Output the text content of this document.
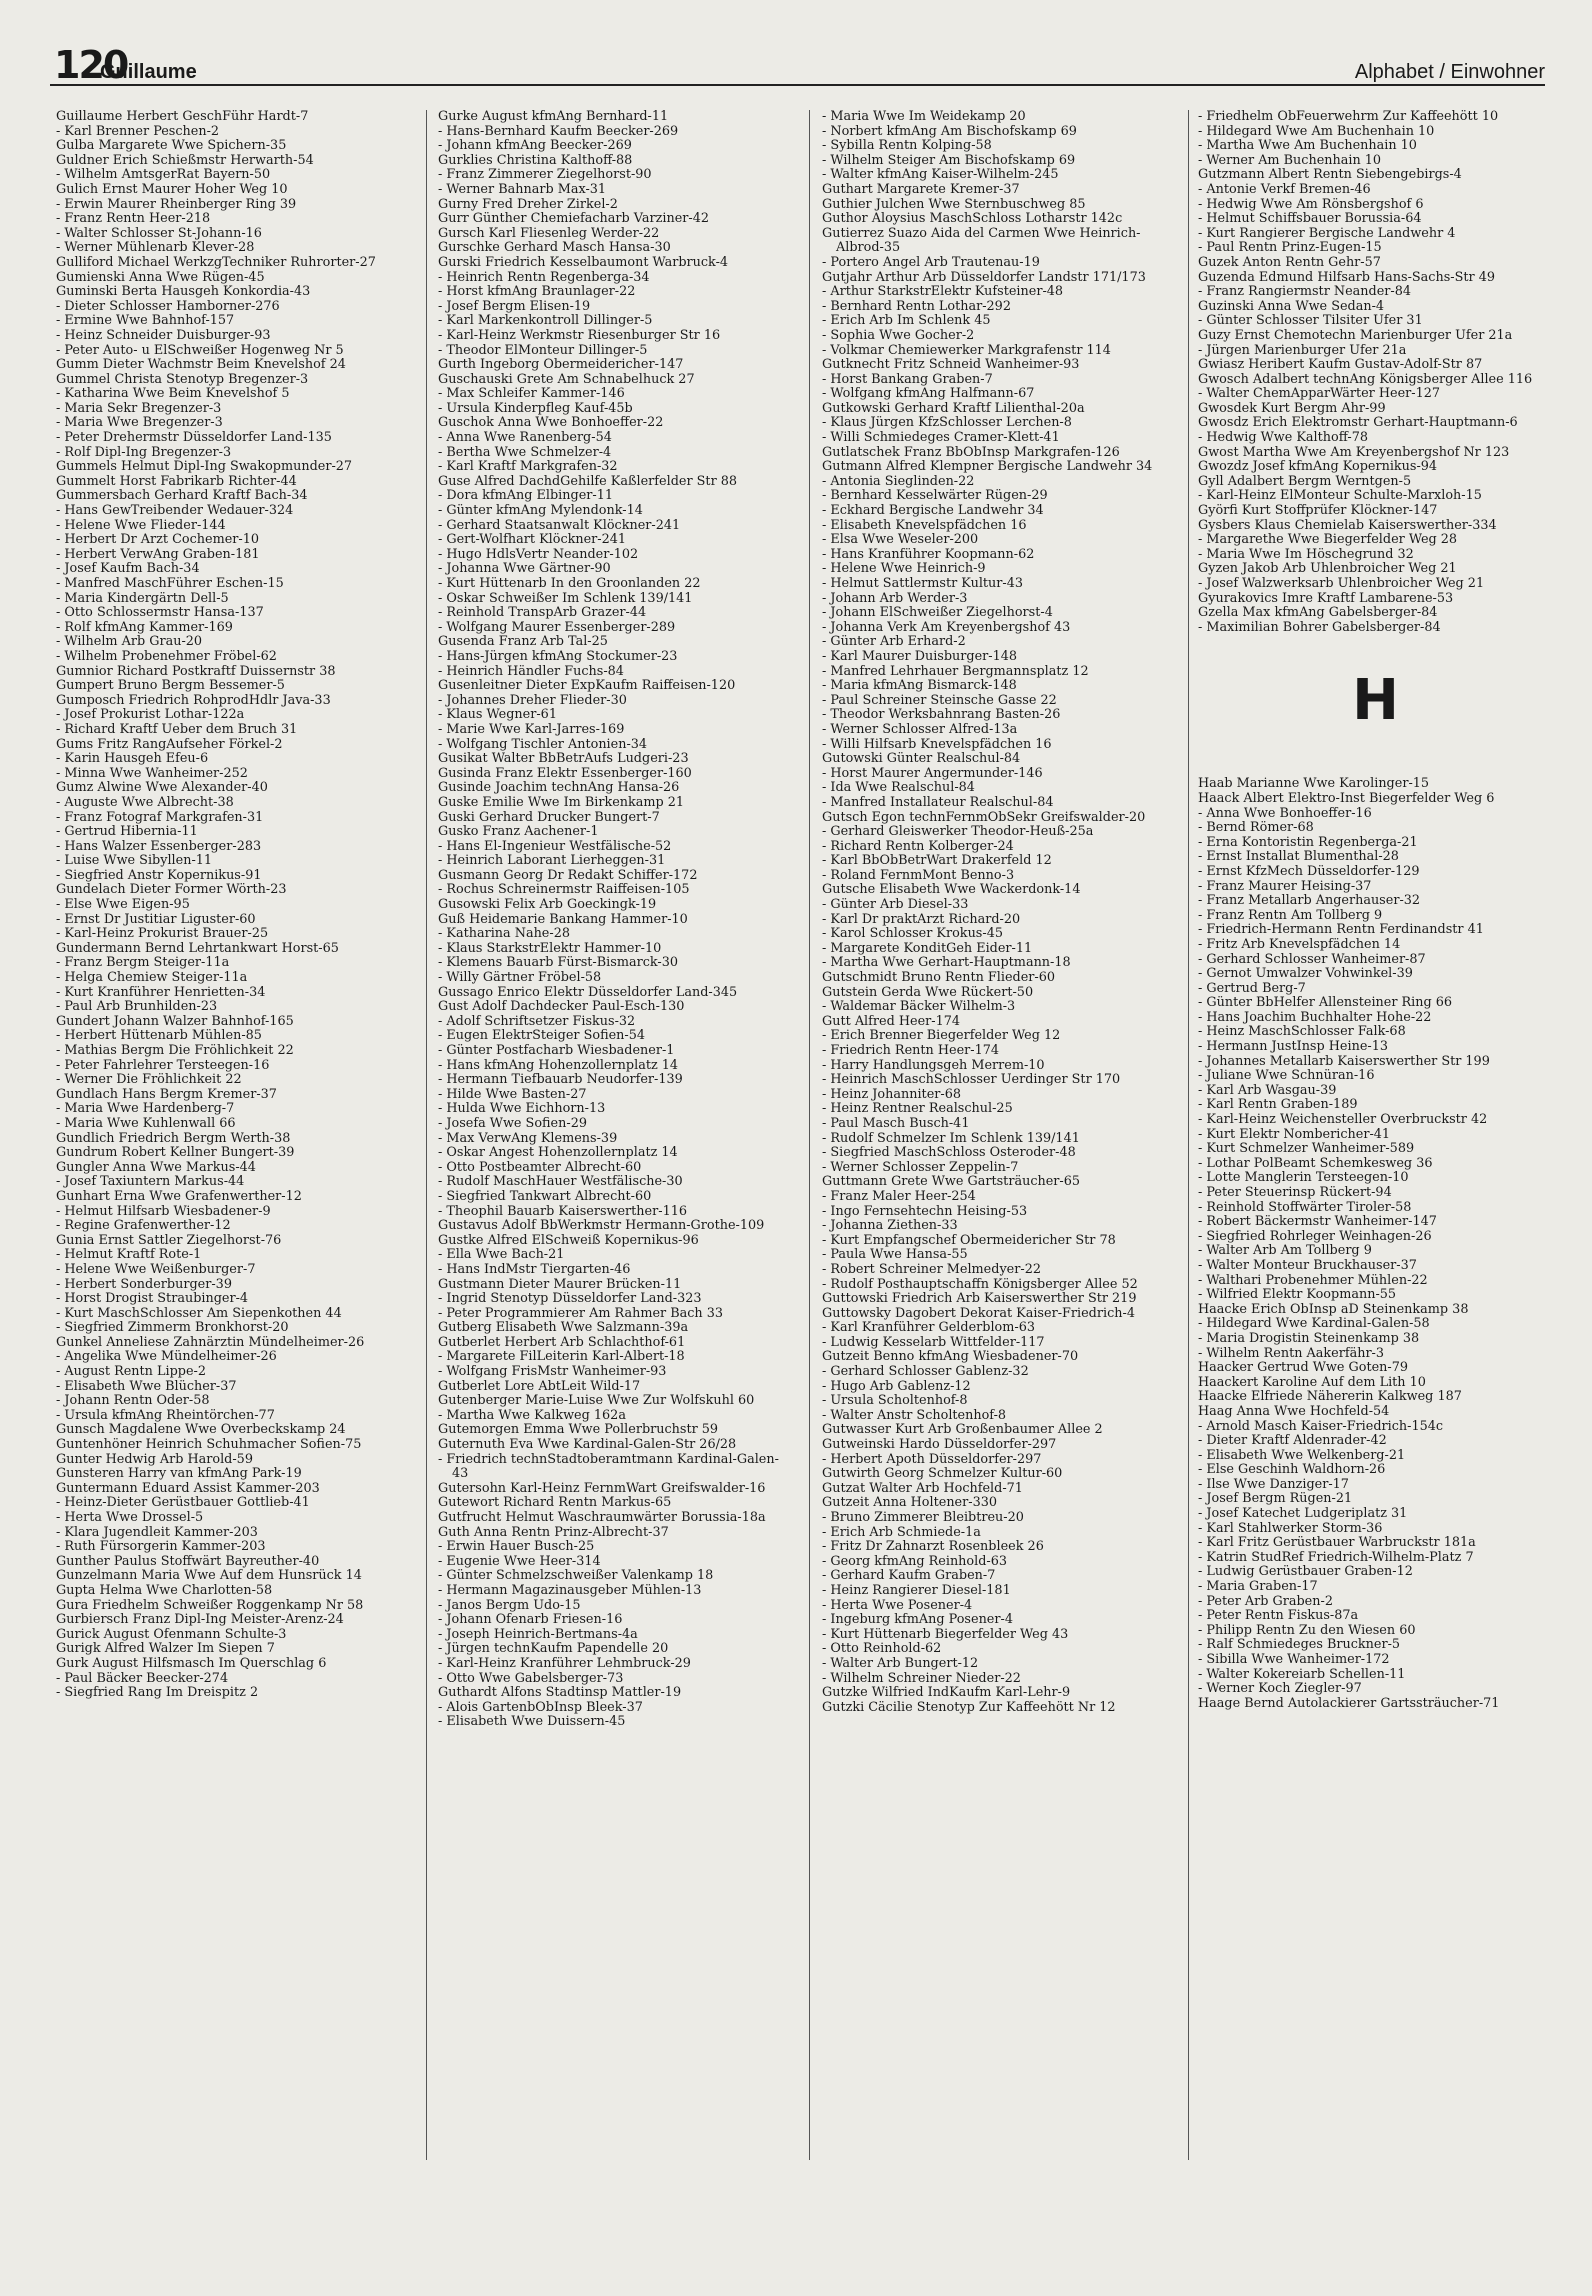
120
Guillaume	Alphabet / Einwohner

Guillaume Herbert GeschFühr Hardt-7

- Karl Brenner Peschen-2

Gulba Margarete Wwe Spichern-35

Guldner Erich Schießmstr Herwarth-54

- Wilhelm AmtsgerRat Bayern-50

Gulich Ernst Maurer Hoher Weg 10

- Erwin Maurer Rheinberger Ring 39

- Franz Rentn Heer-218

- Walter Schlosser St-Johann-16

- Werner Mühlenarb Klever-28

Gulliford Michael WerkzgTechniker Ruhrorter-27

Gumienski Anna Wwe Rügen-45

Guminski Berta Hausgeh Konkordia-43

- Dieter Schlosser Hamborner-276

- Ermine Wwe Bahnhof-157

- Heinz Schneider Duisburger-93

- Peter Auto- u ElSchweißer Hogenweg Nr 5

Gumm Dieter Wachmstr Beim Knevelshof 24

Gummel Christa Stenotyp Bregenzer-3

- Katharina Wwe Beim Knevelshof 5

- Maria Sekr Bregenzer-3

- Maria Wwe Bregenzer-3

- Peter Drehermstr Düsseldorfer Land-135

- Rolf Dipl-Ing Bregenzer-3

Gummels Helmut Dipl-Ing Swakopmunder-27

Gummelt Horst Fabrikarb Richter-44

Gummersbach Gerhard Kraftf Bach-34

- Hans GewTreibender Wedauer-324

- Helene Wwe Flieder-144

- Herbert Dr Arzt Cochemer-10

- Herbert VerwAng Graben-181

- Josef Kaufm Bach-34

- Manfred MaschFührer Eschen-15

- Maria Kindergärtn Dell-5

- Otto Schlossermstr Hansa-137

- Rolf kfmAng Kammer-169

- Wilhelm Arb Grau-20

- Wilhelm Probenehmer Fröbel-62

Gumnior Richard Postkraftf Duissernstr 38

Gumpert Bruno Bergm Bessemer-5

Gumposch Friedrich RohprodHdlr Java-33

- Josef Prokurist Lothar-122a

- Richard Kraftf Ueber dem Bruch 31

Gums Fritz RangAufseher Förkel-2

- Karin Hausgeh Efeu-6

- Minna Wwe Wanheimer-252

Gumz Alwine Wwe Alexander-40

- Auguste Wwe Albrecht-38

- Franz Fotograf Markgrafen-31

- Gertrud Hibernia-11

- Hans Walzer Essenberger-283

- Luise Wwe Sibyllen-11

- Siegfried Anstr Kopernikus-91

Gundelach Dieter Former Wörth-23

- Else Wwe Eigen-95

- Ernst Dr Justitiar Liguster-60

- Karl-Heinz Prokurist Brauer-25

Gundermann Bernd Lehrtankwart Horst-65

- Franz Bergm Steiger-11a

- Helga Chemiew Steiger-11a

- Kurt Kranführer Henrietten-34

- Paul Arb Brunhilden-23

Gundert Johann Walzer Bahnhof-165

- Herbert Hüttenarb Mühlen-85

- Mathias Bergm Die Fröhlichkeit 22

- Peter Fahrlehrer Tersteegen-16

- Werner Die Fröhlichkeit 22

Gundlach Hans Bergm Kremer-37

- Maria Wwe Hardenberg-7

- Maria Wwe Kuhlenwall 66

Gundlich Friedrich Bergm Werth-38

Gundrum Robert Kellner Bungert-39

Gungler Anna Wwe Markus-44

- Josef Taxiuntern Markus-44

Gunhart Erna Wwe Grafenwerther-12

- Helmut Hilfsarb Wiesbadener-9

- Regine Grafenwerther-12

Gunia Ernst Sattler Ziegelhorst-76

- Helmut Kraftf Rote-1

- Helene Wwe Weißenburger-7

- Herbert Sonderburger-39

- Horst Drogist Straubinger-4

- Kurt MaschSchlosser Am Siepenkothen 44

- Siegfried Zimmerm Bronkhorst-20

Gunkel Anneliese Zahnärztin Mündelheimer-26

- Angelika Wwe Mündelheimer-26

- August Rentn Lippe-2

- Elisabeth Wwe Blücher-37

- Johann Rentn Oder-58

- Ursula kfmAng Rheintörchen-77

Gunsch Magdalene Wwe Overbeckskamp 24

Guntenhöner Heinrich Schuhmacher Sofien-75

Gunter Hedwig Arb Harold-59

Gunsteren Harry van kfmAng Park-19

Guntermann Eduard Assist Kammer-203

- Heinz-Dieter Gerüstbauer Gottlieb-41

- Herta Wwe Drossel-5

- Klara Jugendleit Kammer-203

- Ruth Fürsorgerin Kammer-203

Gunther Paulus Stoffwärt Bayreuther-40

Gunzelmann Maria Wwe Auf dem Hunsrück 14

Gupta Helma Wwe Charlotten-58

Gura Friedhelm Schweißer Roggenkamp Nr 58

Gurbiersch Franz Dipl-Ing Meister-Arenz-24

Gurick August Ofenmann Schulte-3

Gurigk Alfred Walzer Im Siepen 7

Gurk August Hilfsmasch Im Querschlag 6

- Paul Bäcker Beecker-274

- Siegfried Rang Im Dreispitz 2

Gurke August kfmAng Bernhard-11

- Hans-Bernhard Kaufm Beecker-269

- Johann kfmAng Beecker-269

Gurklies Christina Kalthoff-88

- Franz Zimmerer Ziegelhorst-90

- Werner Bahnarb Max-31

Gurny Fred Dreher Zirkel-2

Gurr Günther Chemiefacharb Varziner-42

Gursch Karl Fliesenleg Werder-22

Gurschke Gerhard Masch Hansa-30

Gurski Friedrich Kesselbaumont Warbruck-4

- Heinrich Rentn Regenberga-34

- Horst kfmAng Braunlager-22

- Josef Bergm Elisen-19

- Karl Markenkontroll Dillinger-5

- Karl-Heinz Werkmstr Riesenburger Str 16

- Theodor ElMonteur Dillinger-5

Gurth Ingeborg Obermeidericher-147

Guschauski Grete Am Schnabelhuck 27

- Max Schleifer Kammer-146

- Ursula Kinderpfleg Kauf-45b

Guschok Anna Wwe Bonhoeffer-22

- Anna Wwe Ranenberg-54

- Bertha Wwe Schmelzer-4

- Karl Kraftf Markgrafen-32

Guse Alfred DachdGehilfe Kaßlerfelder Str 88

- Dora kfmAng Elbinger-11

- Günter kfmAng Mylendonk-14

- Gerhard Staatsanwalt Klöckner-241

- Gert-Wolfhart Klöckner-241

- Hugo HdlsVertr Neander-102

- Johanna Wwe Gärtner-90

- Kurt Hüttenarb In den Groonlanden 22

- Oskar Schweißer Im Schlenk 139/141

- Reinhold TranspArb Grazer-44

- Wolfgang Maurer Essenberger-289

Gusenda Franz Arb Tal-25

- Hans-Jürgen kfmAng Stockumer-23

- Heinrich Händler Fuchs-84

Gusenleitner Dieter ExpKaufm Raiffeisen-120

- Johannes Dreher Flieder-30

- Klaus Wegner-61

- Marie Wwe Karl-Jarres-169

- Wolfgang Tischler Antonien-34

Gusikat Walter BbBetrAufs Ludgeri-23

Gusinda Franz Elektr Essenberger-160

Gusinde Joachim technAng Hansa-26

Guske Emilie Wwe Im Birkenkamp 21

Guski Gerhard Drucker Bungert-7

Gusko Franz Aachener-1

- Hans El-Ingenieur Westfälische-52

- Heinrich Laborant Lierheggen-31

Gusmann Georg Dr Redakt Schiffer-172

- Rochus Schreinermstr Raiffeisen-105

Gusowski Felix Arb Goeckingk-19

Guß Heidemarie Bankang Hammer-10

- Katharina Nahe-28

- Klaus StarkstrElektr Hammer-10

- Klemens Bauarb Fürst-Bismarck-30

- Willy Gärtner Fröbel-58

Gussago Enrico Elektr Düsseldorfer Land-345

Gust Adolf Dachdecker Paul-Esch-130

- Adolf Schriftsetzer Fiskus-32

- Eugen ElektrSteiger Sofien-54

- Günter Postfacharb Wiesbadener-1

- Hans kfmAng Hohenzollernplatz 14

- Hermann Tiefbauarb Neudorfer-139

- Hilde Wwe Basten-27

- Hulda Wwe Eichhorn-13

- Josefa Wwe Sofien-29

- Max VerwAng Klemens-39

- Oskar Angest Hohenzollernplatz 14

- Otto Postbeamter Albrecht-60

- Rudolf MaschHauer Westfälische-30

- Siegfried Tankwart Albrecht-60

- Theophil Bauarb Kaiserswerther-116

Gustavus Adolf BbWerkmstr Hermann-Grothe-109

Gustke Alfred ElSchweiß Kopernikus-96

- Ella Wwe Bach-21

- Hans IndMstr Tiergarten-46

Gustmann Dieter Maurer Brücken-11

- Ingrid Stenotyp Düsseldorfer Land-323

- Peter Programmierer Am Rahmer Bach 33

Gutberg Elisabeth Wwe Salzmann-39a

Gutberlet Herbert Arb Schlachthof-61

- Margarete FilLeiterin Karl-Albert-18

- Wolfgang FrisMstr Wanheimer-93

Gutberlet Lore AbtLeit Wild-17

Gutenberger Marie-Luise Wwe Zur Wolfskuhl 60

- Martha Wwe Kalkweg 162a

Gutemorgen Emma Wwe Pollerbruchstr 59

Guternuth Eva Wwe Kardinal-Galen-Str 26/28

- Friedrich technStadtoberamtmann Kardinal-Galen-43

Gutersohn Karl-Heinz FernmWart Greifswalder-16

Gutewort Richard Rentn Markus-65

Gutfrucht Helmut Waschraumwärter Borussia-18a

Guth Anna Rentn Prinz-Albrecht-37

- Erwin Hauer Busch-25

- Eugenie Wwe Heer-314

- Günter Schmelzschweißer Valenkamp 18

- Hermann Magazinausgeber Mühlen-13

- Janos Bergm Udo-15

- Johann Ofenarb Friesen-16

- Joseph Heinrich-Bertmans-4a

- Jürgen technKaufm Papendelle 20

- Karl-Heinz Kranführer Lehmbruck-29

- Otto Wwe Gabelsberger-73

Guthardt Alfons Stadtinsp Mattler-19

- Alois GartenbObInsp Bleek-37

- Elisabeth Wwe Duissern-45

- Maria Wwe Im Weidekamp 20

- Norbert kfmAng Am Bischofskamp 69

- Sybilla Rentn Kolping-58

- Wilhelm Steiger Am Bischofskamp 69

- Walter kfmAng Kaiser-Wilhelm-245

Guthart Margarete Kremer-37

Guthier Julchen Wwe Sternbuschweg 85

Guthor Aloysius MaschSchloss Lotharstr 142c

Gutierrez Suazo Aida del Carmen Wwe Heinrich-Albrod-35

- Portero Angel Arb Trautenau-19

Gutjahr Arthur Arb Düsseldorfer Landstr 171/173

- Arthur StarkstrElektr Kufsteiner-48

- Bernhard Rentn Lothar-292

- Erich Arb Im Schlenk 45

- Sophia Wwe Gocher-2

- Volkmar Chemiewerker Markgrafenstr 114

Gutknecht Fritz Schneid Wanheimer-93

- Horst Bankang Graben-7

- Wolfgang kfmAng Halfmann-67

Gutkowski Gerhard Kraftf Lilienthal-20a

- Klaus Jürgen KfzSchlosser Lerchen-8

- Willi Schmiedeges Cramer-Klett-41

Gutlatschek Franz BbObInsp Markgrafen-126

Gutmann Alfred Klempner Bergische Landwehr 34

- Antonia Sieglinden-22

- Bernhard Kesselwärter Rügen-29

- Eckhard Bergische Landwehr 34

- Elisabeth Knevelspfädchen 16

- Elsa Wwe Weseler-200

- Hans Kranführer Koopmann-62

- Helene Wwe Heinrich-9

- Helmut Sattlermstr Kultur-43

- Johann Arb Werder-3

- Johann ElSchweißer Ziegelhorst-4

- Johanna Verk Am Kreyenbergshof 43

- Günter Arb Erhard-2

- Karl Maurer Duisburger-148

- Manfred Lehrhauer Bergmannsplatz 12

- Maria kfmAng Bismarck-148

- Paul Schreiner Steinsche Gasse 22

- Theodor Werksbahnrang Basten-26

- Werner Schlosser Alfred-13a

- Willi Hilfsarb Knevelspfädchen 16

Gutowski Günter Realschul-84

- Horst Maurer Angermunder-146

- Ida Wwe Realschul-84

- Manfred Installateur Realschul-84

Gutsch Egon technFernmObSekr Greifswalder-20

- Gerhard Gleiswerker Theodor-Heuß-25a

- Richard Rentn Kolberger-24

- Karl BbObBetrWart Drakerfeld 12

- Roland FernmMont Benno-3

Gutsche Elisabeth Wwe Wackerdonk-14

- Günter Arb Diesel-33

- Karl Dr praktArzt Richard-20

- Karol Schlosser Krokus-45

- Margarete KonditGeh Eider-11

- Martha Wwe Gerhart-Hauptmann-18

Gutschmidt Bruno Rentn Flieder-60

Gutstein Gerda Wwe Rückert-50

- Waldemar Bäcker Wilhelm-3

Gutt Alfred Heer-174

- Erich Brenner Biegerfelder Weg 12

- Friedrich Rentn Heer-174

- Harry Handlungsgeh Merrem-10

- Heinrich MaschSchlosser Uerdinger Str 170

- Heinz Johanniter-68

- Heinz Rentner Realschul-25

- Paul Masch Busch-41

- Rudolf Schmelzer Im Schlenk 139/141

- Siegfried MaschSchloss Osteroder-48

- Werner Schlosser Zeppelin-7

Guttmann Grete Wwe Gartsträucher-65

- Franz Maler Heer-254

- Ingo Fernsehtechn Heising-53

- Johanna Ziethen-33

- Kurt Empfangschef Obermeidericher Str 78

- Paula Wwe Hansa-55

- Robert Schreiner Melmedyer-22

- Rudolf Posthauptschaffn Königsberger Allee 52

Guttowski Friedrich Arb Kaiserswerther Str 219

Guttowsky Dagobert Dekorat Kaiser-Friedrich-4

- Karl Kranführer Gelderblom-63

- Ludwig Kesselarb Wittfelder-117

Gutzeit Benno kfmAng Wiesbadener-70

- Gerhard Schlosser Gablenz-32

- Hugo Arb Gablenz-12

- Ursula Scholtenhof-8

- Walter Anstr Scholtenhof-8

Gutwasser Kurt Arb Großenbaumer Allee 2

Gutweinski Hardo Düsseldorfer-297

- Herbert Apoth Düsseldorfer-297

Gutwirth Georg Schmelzer Kultur-60

Gutzat Walter Arb Hochfeld-71

Gutzeit Anna Holtener-330

- Bruno Zimmerer Bleibtreu-20

- Erich Arb Schmiede-1a

- Fritz Dr Zahnarzt Rosenbleek 26

- Georg kfmAng Reinhold-63

- Gerhard Kaufm Graben-7

- Heinz Rangierer Diesel-181

- Herta Wwe Posener-4

- Ingeburg kfmAng Posener-4

- Kurt Hüttenarb Biegerfelder Weg 43

- Otto Reinhold-62

- Walter Arb Bungert-12

- Wilhelm Schreiner Nieder-22

Gutzke Wilfried IndKaufm Karl-Lehr-9

Gutzki Cäcilie Stenotyp Zur Kaffeehött Nr 12

- Friedhelm ObFeuerwehrm Zur Kaffeehött 10

- Hildegard Wwe Am Buchenhain 10

- Martha Wwe Am Buchenhain 10

- Werner Am Buchenhain 10

Gutzmann Albert Rentn Siebengebirgs-4

- Antonie Verkf Bremen-46

- Hedwig Wwe Am Rönsbergshof 6

- Helmut Schiffsbauer Borussia-64

- Kurt Rangierer Bergische Landwehr 4

- Paul Rentn Prinz-Eugen-15

Guzek Anton Rentn Gehr-57

Guzenda Edmund Hilfsarb Hans-Sachs-Str 49

- Franz Rangiermstr Neander-84

Guzinski Anna Wwe Sedan-4

- Günter Schlosser Tilsiter Ufer 31

Guzy Ernst Chemotechn Marienburger Ufer 21a

- Jürgen Marienburger Ufer 21a

Gwiasz Heribert Kaufm Gustav-Adolf-Str 87

Gwosch Adalbert technAng Königsberger Allee 116

- Walter ChemApparWärter Heer-127

Gwosdek Kurt Bergm Ahr-99

Gwosdz Erich Elektromstr Gerhart-Hauptmann-6

- Hedwig Wwe Kalthoff-78

Gwost Martha Wwe Am Kreyenbergshof Nr 123

Gwozdz Josef kfmAng Kopernikus-94

Gyll Adalbert Bergm Werntgen-5

- Karl-Heinz ElMonteur Schulte-Marxloh-15

Györfi Kurt Stoffprüfer Klöckner-147

Gysbers Klaus Chemielab Kaiserswerther-334

- Margarethe Wwe Biegerfelder Weg 28

- Maria Wwe Im Höschegrund 32

Gyzen Jakob Arb Uhlenbroicher Weg 21

- Josef Walzwerksarb Uhlenbroicher Weg 21

Gyurakovics Imre Kraftf Lambarene-53

Gzella Max kfmAng Gabelsberger-84

- Maximilian Bohrer Gabelsberger-84

H

Haab Marianne Wwe Karolinger-15

Haack Albert Elektro-Inst Biegerfelder Weg 6

- Anna Wwe Bonhoeffer-16

- Bernd Römer-68

- Erna Kontoristin Regenberga-21

- Ernst Installat Blumenthal-28

- Ernst KfzMech Düsseldorfer-129

- Franz Maurer Heising-37

- Franz Metallarb Angerhauser-32

- Franz Rentn Am Tollberg 9

- Friedrich-Hermann Rentn Ferdinandstr 41

- Fritz Arb Knevelspfädchen 14

- Gerhard Schlosser Wanheimer-87

- Gernot Umwalzer Vohwinkel-39

- Gertrud Berg-7

- Günter BbHelfer Allensteiner Ring 66

- Hans Joachim Buchhalter Hohe-22

- Heinz MaschSchlosser Falk-68

- Hermann JustInsp Heine-13

- Johannes Metallarb Kaiserswerther Str 199

- Juliane Wwe Schnüran-16

- Karl Arb Wasgau-39

- Karl Rentn Graben-189

- Karl-Heinz Weichensteller Overbruckstr 42

- Kurt Elektr Nombericher-41

- Kurt Schmelzer Wanheimer-589

- Lothar PolBeamt Schemkesweg 36

- Lotte Manglerin Tersteegen-10

- Peter Steuerinsp Rückert-94

- Reinhold Stoffwärter Tiroler-58

- Robert Bäckermstr Wanheimer-147

- Siegfried Rohrleger Weinhagen-26

- Walter Arb Am Tollberg 9

- Walter Monteur Bruckhauser-37

- Walthari Probenehmer Mühlen-22

- Wilfried Elektr Koopmann-55

Haacke Erich ObInsp aD Steinenkamp 38

- Hildegard Wwe Kardinal-Galen-58

- Maria Drogistin Steinenkamp 38

- Wilhelm Rentn Aakerfähr-3

Haacker Gertrud Wwe Goten-79

Haackert Karoline Auf dem Lith 10

Haacke Elfriede Nähererin Kalkweg 187

Haag Anna Wwe Hochfeld-54

- Arnold Masch Kaiser-Friedrich-154c

- Dieter Kraftf Aldenrader-42

- Elisabeth Wwe Welkenberg-21

- Else Geschinh Waldhorn-26

- Ilse Wwe Danziger-17

- Josef Bergm Rügen-21

- Josef Katechet Ludgeriplatz 31

- Karl Stahlwerker Storm-36

- Karl Fritz Gerüstbauer Warbruckstr 181a

- Katrin StudRef Friedrich-Wilhelm-Platz 7

- Ludwig Gerüstbauer Graben-12

- Maria Graben-17

- Peter Arb Graben-2

- Peter Rentn Fiskus-87a

- Philipp Rentn Zu den Wiesen 60

- Ralf Schmiedeges Bruckner-5

- Sibilla Wwe Wanheimer-172

- Walter Kokereiarb Schellen-11

- Werner Koch Ziegler-97

Haage Bernd Autolackierer Gartssträucher-71
